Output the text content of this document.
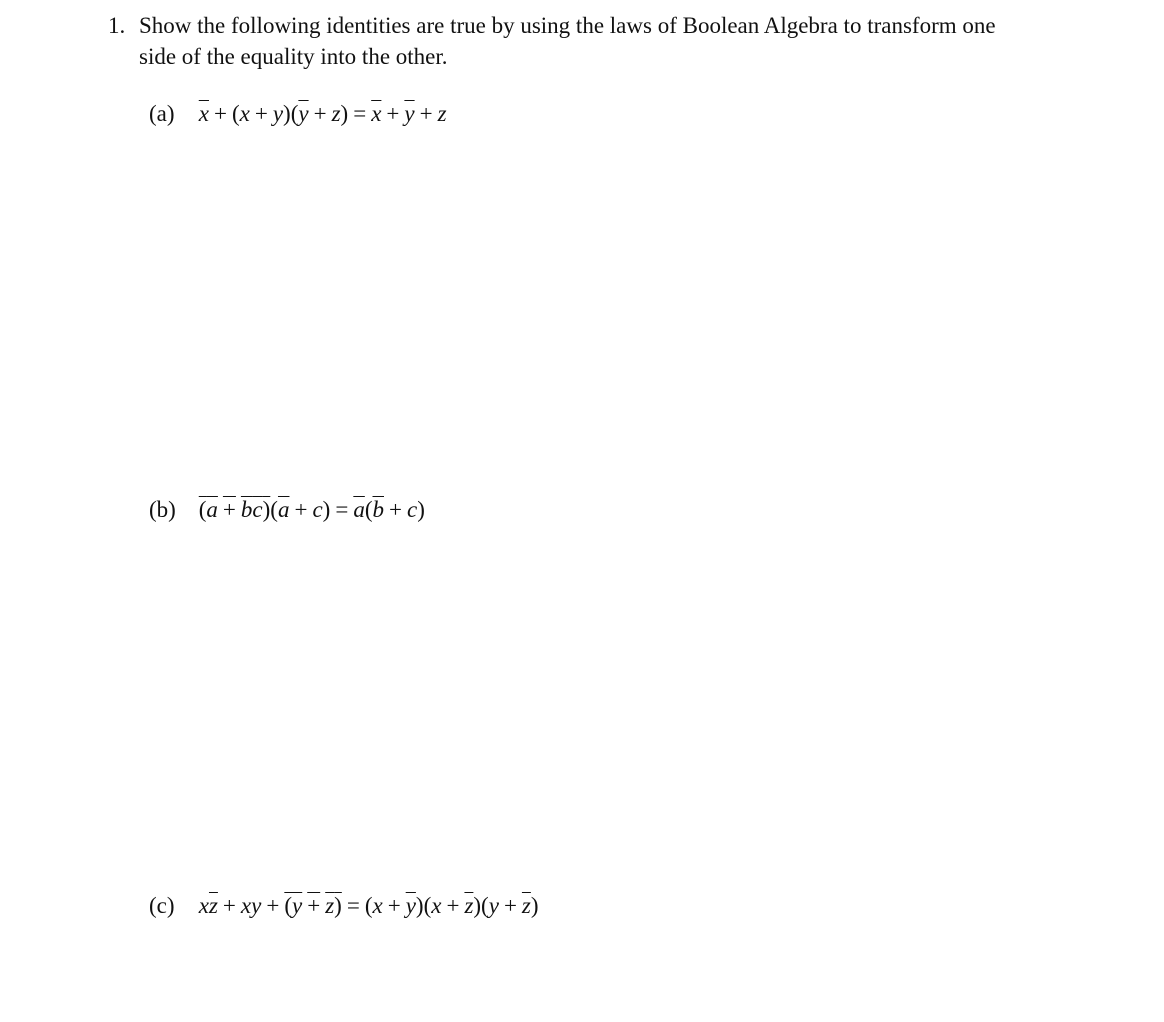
1. Show the following identities are true by using the laws of Boolean Algebra to transform one
side of the equality into the other.
(a) $\overline{x} + (x + y)(\overline{y} + z) = \overline{x} + \overline{y} + z$
(b) $(a + bc)(\overline{a} + c) = \overline{a}(\overline{b} + c)$
(c) $x\overline{z}$ + xy + $(y + z) = (x + \overline{y})(x + \overline{z})(y + \overline{z})$
